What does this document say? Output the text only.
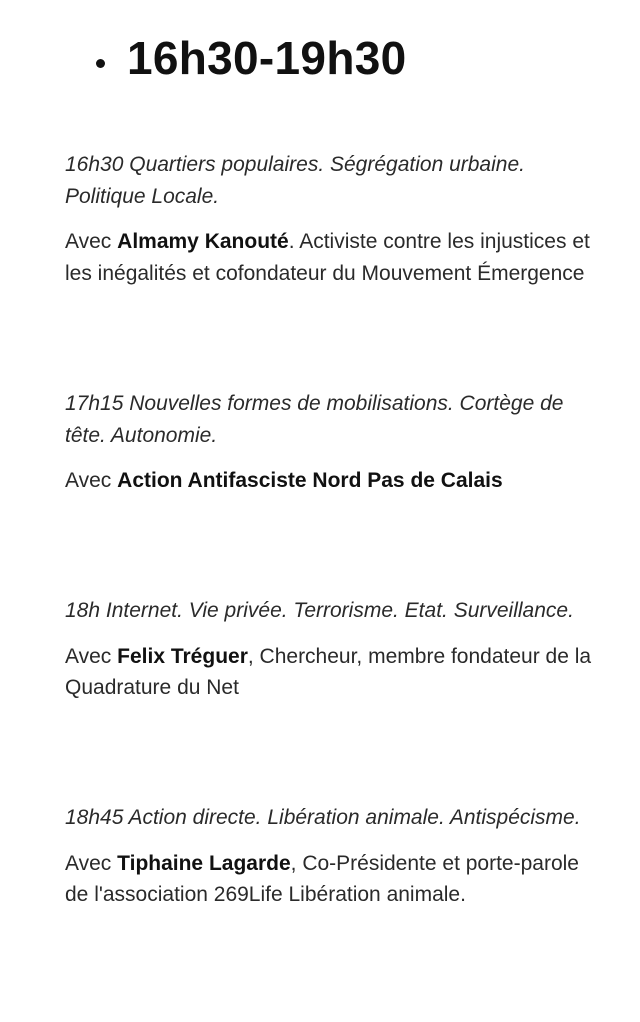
16h30-19h30

16h30 Quartiers populaires. Ségrégation urbaine. Politique Locale.

Avec Almamy Kanouté. Activiste contre les injustices et les inégalités et cofondateur du Mouvement Émergence

17h15 Nouvelles formes de mobilisations. Cortège de tête. Autonomie.

Avec Action Antifasciste Nord Pas de Calais

18h Internet. Vie privée. Terrorisme. Etat. Surveillance.

Avec Felix Tréguer, Chercheur, membre fondateur de la Quadrature du Net

18h45 Action directe. Libération animale. Antispécisme.

Avec Tiphaine Lagarde, Co-Présidente et porte-parole de l'association 269Life Libération animale.
